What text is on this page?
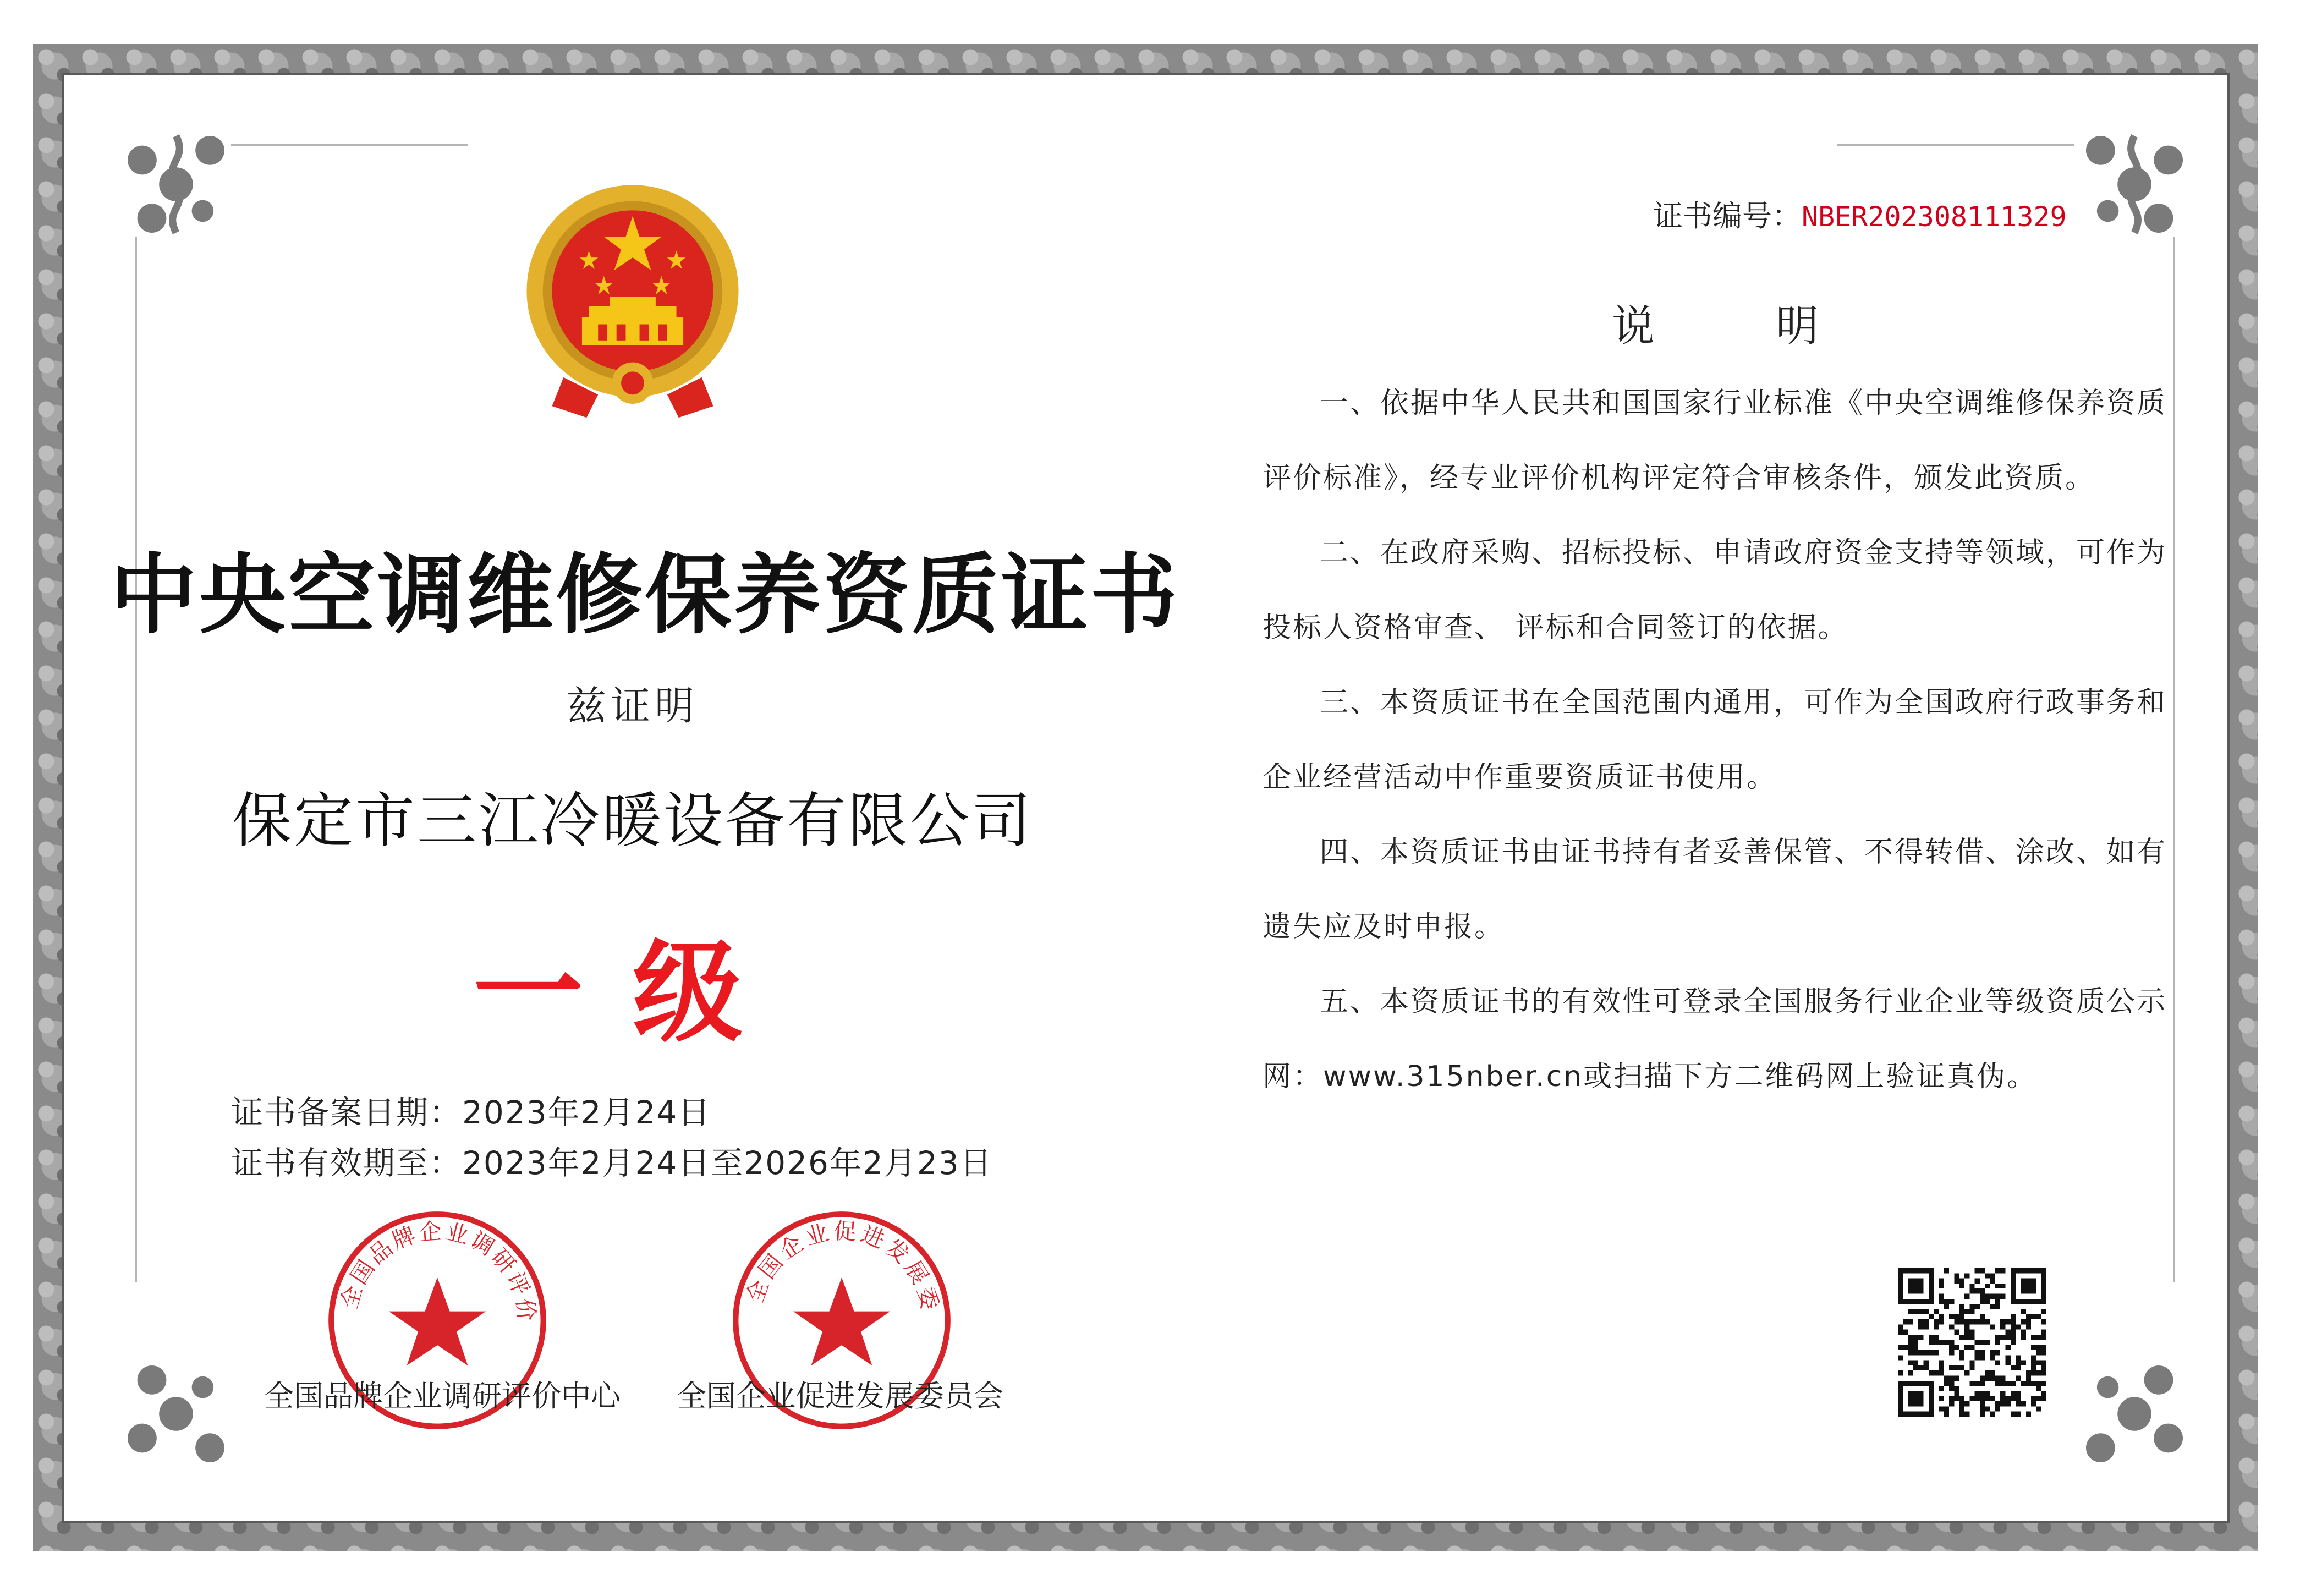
中央空调维修保养资质证书
兹证明
保定市三江冷暖设备有限公司
一级
证书备案日期：2023年2月24日
证书有效期至：2023年2月24日至2026年2月23日
全国品牌企业调研评价
全国企业促进发展委
全国品牌企业调研评价中心 全国企业促进发展委员会
证书编号：NBER202308111329
说明

一、依据中华人民共和国国家行业标准《中央空调维修保养资质评价标准》，经专业评价机构评定符合审核条件，颁发此资质。

二、在政府采购、招标投标、申请政府资金支持等领域，可作为投标人资格审查、 评标和合同签订的依据。

三、本资质证书在全国范围内通用，可作为全国政府行政事务和企业经营活动中作重要资质证书使用。

四、本资质证书由证书持有者妥善保管、不得转借、涂改、如有遗失应及时申报。

五、本资质证书的有效性可登录全国服务行业企业等级资质公示网：www.315nber.cn或扫描下方二维码网上验证真伪。
